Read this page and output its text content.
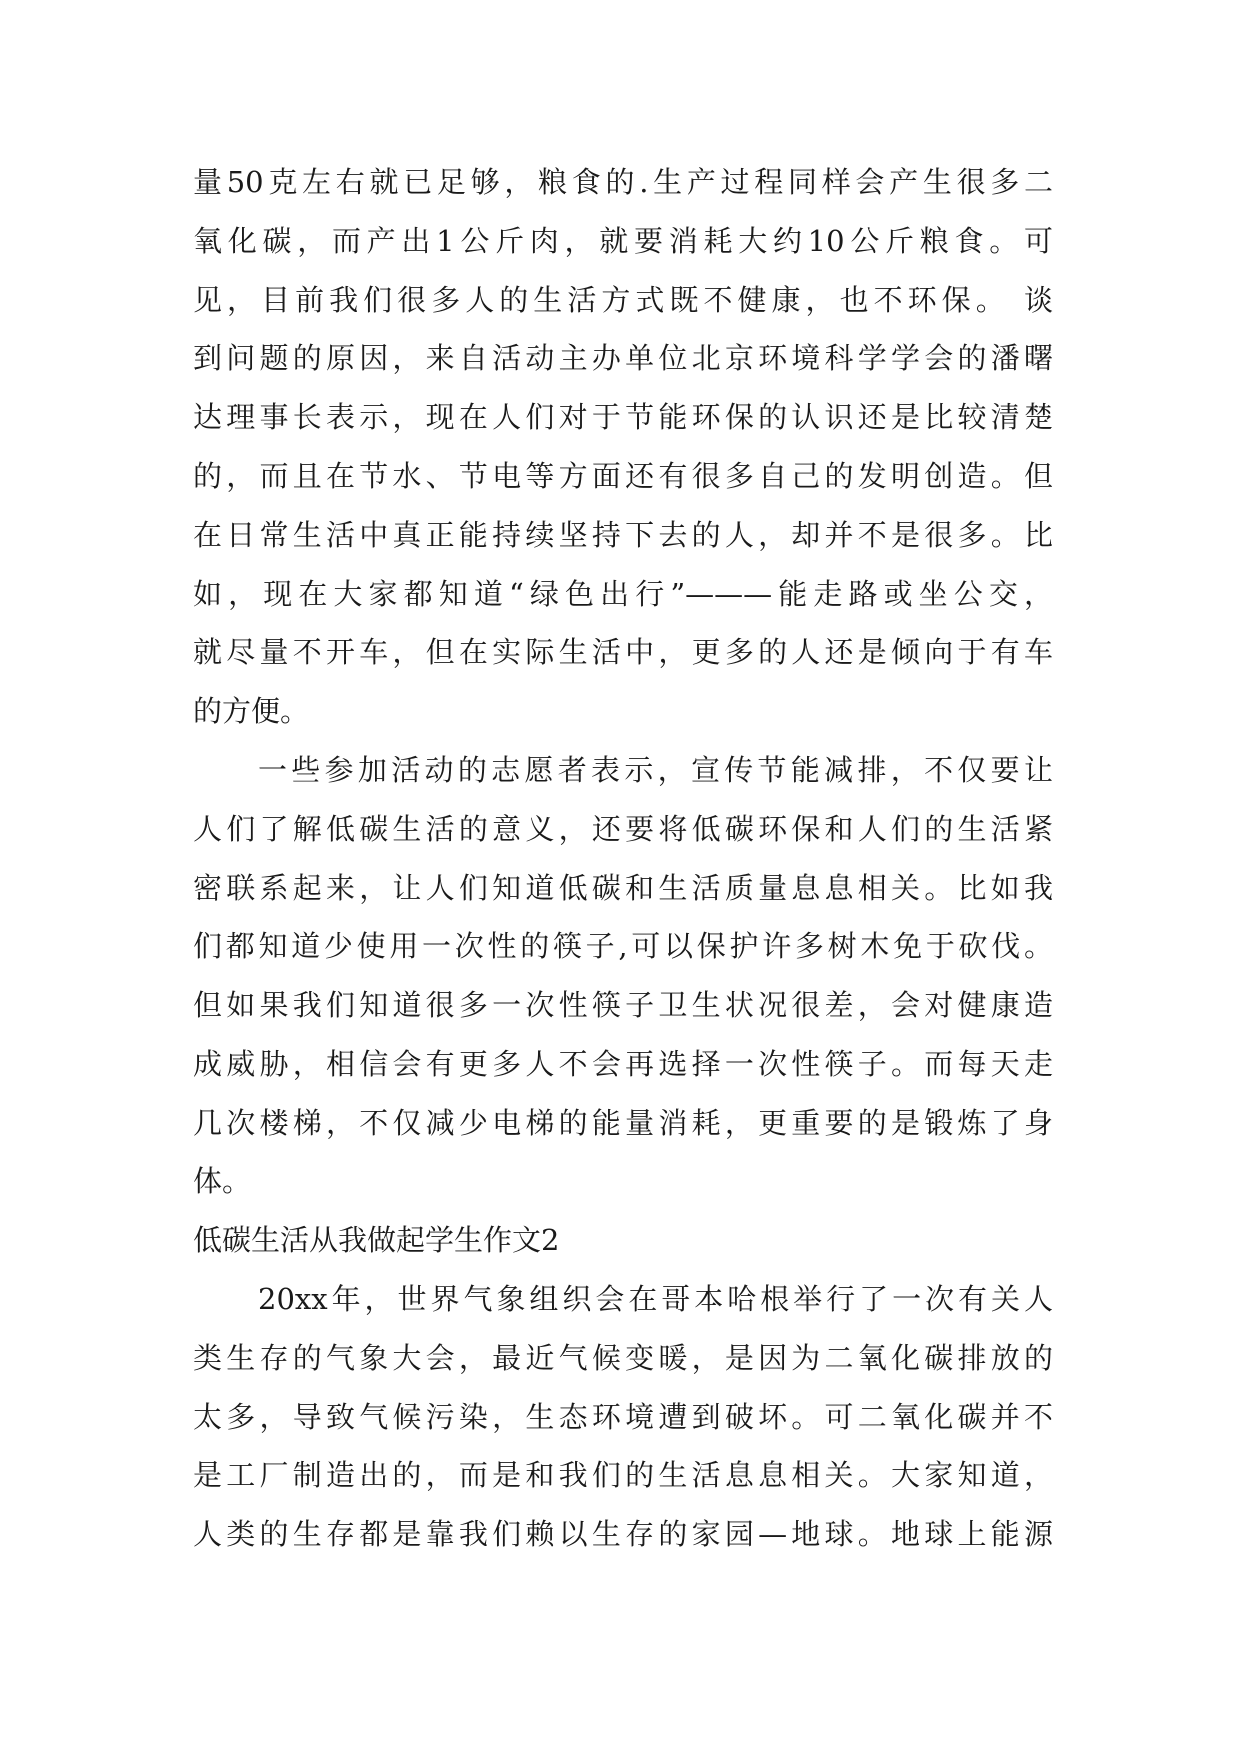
量50克左右就已足够，粮食的.生产过程同样会产生很多二
氧化碳，而产出1公斤肉，就要消耗大约10公斤粮食。可
见，目前我们很多人的生活方式既不健康，也不环保。 谈
到问题的原因，来自活动主办单位北京环境科学学会的潘曙
达理事长表示，现在人们对于节能环保的认识还是比较清楚
的，而且在节水、节电等方面还有很多自己的发明创造。但
在日常生活中真正能持续坚持下去的人，却并不是很多。比
如，现在大家都知道“绿色出行”———能走路或坐公交，
就尽量不开车，但在实际生活中，更多的人还是倾向于有车
的方便。
一些参加活动的志愿者表示，宣传节能减排，不仅要让
人们了解低碳生活的意义，还要将低碳环保和人们的生活紧
密联系起来，让人们知道低碳和生活质量息息相关。比如我
们都知道少使用一次性的筷子,可以保护许多树木免于砍伐。
但如果我们知道很多一次性筷子卫生状况很差，会对健康造
成威胁，相信会有更多人不会再选择一次性筷子。而每天走
几次楼梯，不仅减少电梯的能量消耗，更重要的是锻炼了身
体。
低碳生活从我做起学生作文2
20xx年，世界气象组织会在哥本哈根举行了一次有关人
类生存的气象大会，最近气候变暖，是因为二氧化碳排放的
太多，导致气候污染，生态环境遭到破坏。可二氧化碳并不
是工厂制造出的，而是和我们的生活息息相关。大家知道，
人类的生存都是靠我们赖以生存的家园—地球。地球上能源
